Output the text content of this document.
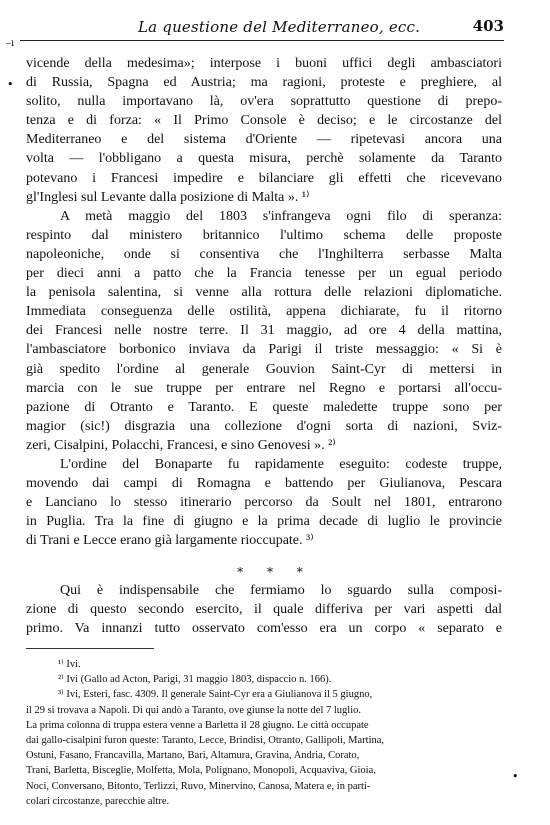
La questione del Mediterraneo, ecc.	403
–ı
•
•
vicende della medesima»; interpose i buoni uffici degli ambasciatori
di Russia, Spagna ed Austria; ma ragioni, proteste e preghiere, al
solito, nulla importavano là, ov'era soprattutto questione di prepo-
tenza e di forza: « Il Primo Console è deciso; e le circostanze del
Mediterraneo e del sistema d'Oriente — ripetevasi ancora una
volta — l'obbligano a questa misura, perchè solamente da Taranto
potevano i Francesi impedire e bilanciare gli effetti che ricevevano
gl'Inglesi sul Levante dalla posizione di Malta ». ¹⁾
A metà maggio del 1803 s'infrangeva ogni filo di speranza:
respinto dal ministero britannico l'ultimo schema delle proposte
napoleoniche, onde si consentiva che l'Inghilterra serbasse Malta
per dieci anni a patto che la Francia tenesse per un egual periodo
la penisola salentina, si venne alla rottura delle relazioni diplomatiche.
Immediata conseguenza delle ostilità, appena dichiarate, fu il ritorno
dei Francesi nelle nostre terre. Il 31 maggio, ad ore 4 della mattina,
l'ambasciatore borbonico inviava da Parigi il triste messaggio: « Si è
già spedito l'ordine al generale Gouvion Saint-Cyr di mettersi in
marcia con le sue truppe per entrare nel Regno e portarsi all'occu-
pazione di Otranto e Taranto. E queste maledette truppe sono per
magior (sic!) disgrazia una collezione d'ogni sorta di nazioni, Sviz-
zeri, Cisalpini, Polacchi, Francesi, e sino Genovesi ». ²⁾
L'ordine del Bonaparte fu rapidamente eseguito: codeste truppe,
movendo dai campi di Romagna e battendo per Giulianova, Pescara
e Lanciano lo stesso itinerario percorso da Soult nel 1801, entrarono
in Puglia. Tra la fine di giugno e la prima decade di luglio le provincie
di Trani e Lecce erano già largamente rioccupate. ³⁾
* * *
Qui è indispensabile che fermiamo lo sguardo sulla composi-
zione di questo secondo esercito, il quale differiva per vari aspetti dal
primo. Va innanzi tutto osservato com'esso era un corpo « separato e
¹⁾ Ivi.
²⁾ Ivi (Gallo ad Acton, Parigi, 31 maggio 1803, dispaccio n. 166).
³⁾ Ivi, Esteri, fasc. 4309. Il generale Saint-Cyr era a Giulianova il 5 giugno,
il 29 si trovava a Napoli. Di qui andò a Taranto, ove giunse la notte del 7 luglio.
La prima colonna di truppa estera venne a Barletta il 28 giugno. Le città occupate
dai gallo-cisalpini furon queste: Taranto, Lecce, Brindisi, Otranto, Gallipoli, Martina,
Ostuni, Fasano, Francavilla, Martano, Bari, Altamura, Gravina, Andria, Corato,
Trani, Barletta, Bisceglie, Molfetta, Mola, Polignano, Monopoli, Acquaviva, Gioia,
Noci, Conversano, Bitonto, Terlizzi, Ruvo, Minervino, Canosa, Matera e, in parti-
colari circostanze, parecchie altre.
